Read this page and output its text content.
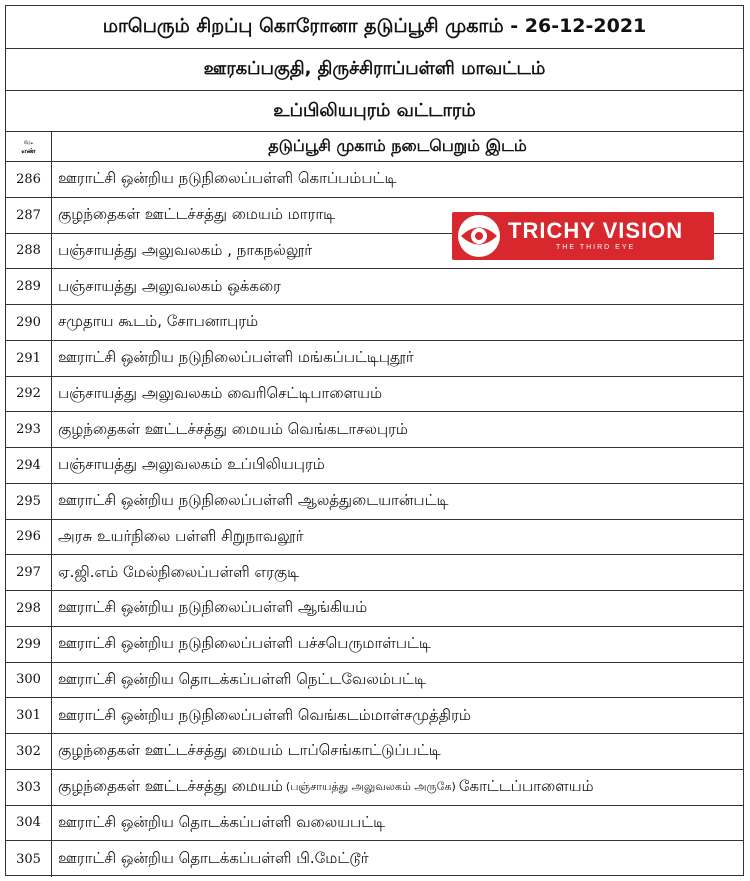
மாபெரும் சிறப்பு கொரோனா தடுப்பூசி முகாம் - 26-12-2021
ஊரகப்பகுதி, திருச்சிராப்பள்ளி மாவட்டம்
உப்பிலியபுரம் வட்டாரம்
வ.
எண்	தடுப்பூசி முகாம் நடைபெறும் இடம்
286	ஊராட்சி ஒன்றிய நடுநிலைப்பள்ளி கொப்பம்பட்டி
287	குழந்தைகள் ஊட்டச்சத்து மையம் மாராடி
288	பஞ்சாயத்து அலுவலகம் , நாகநல்லூர்
289	பஞ்சாயத்து அலுவலகம் ஒக்கரை
290	சமுதாய கூடம், சோபனாபுரம்
291	ஊராட்சி ஒன்றிய நடுநிலைப்பள்ளி மங்கப்பட்டிபுதூர்
292	பஞ்சாயத்து அலுவலகம் வைரிசெட்டிபாளையம்
293	குழந்தைகள் ஊட்டச்சத்து மையம் வெங்கடாசலபுரம்
294	பஞ்சாயத்து அலுவலகம் உப்பிலியபுரம்
295	ஊராட்சி ஒன்றிய நடுநிலைப்பள்ளி ஆலத்துடையான்பட்டி
296	அரசு உயர்நிலை பள்ளி சிறுநாவலூர்
297	ஏ.ஜி.எம் மேல்நிலைப்பள்ளி எரகுடி
298	ஊராட்சி ஒன்றிய நடுநிலைப்பள்ளி ஆங்கியம்
299	ஊராட்சி ஒன்றிய நடுநிலைப்பள்ளி பச்சபெருமாள்பட்டி
300	ஊராட்சி ஒன்றிய தொடக்கப்பள்ளி நெட்டவேலம்பட்டி
301	ஊராட்சி ஒன்றிய நடுநிலைப்பள்ளி வெங்கடம்மாள்சமுத்திரம்
302	குழந்தைகள் ஊட்டச்சத்து மையம் டாப்செங்காட்டுப்பட்டி
303	குழந்தைகள் ஊட்டச்சத்து மையம் (பஞ்சாயத்து அலுவலகம் அருகே) கோட்டப்பாளையம்
304	ஊராட்சி ஒன்றிய தொடக்கப்பள்ளி வலையபட்டி
305	ஊராட்சி ஒன்றிய தொடக்கப்பள்ளி பி.மேட்டூர்
TRICHY VISION
THE THIRD EYE
